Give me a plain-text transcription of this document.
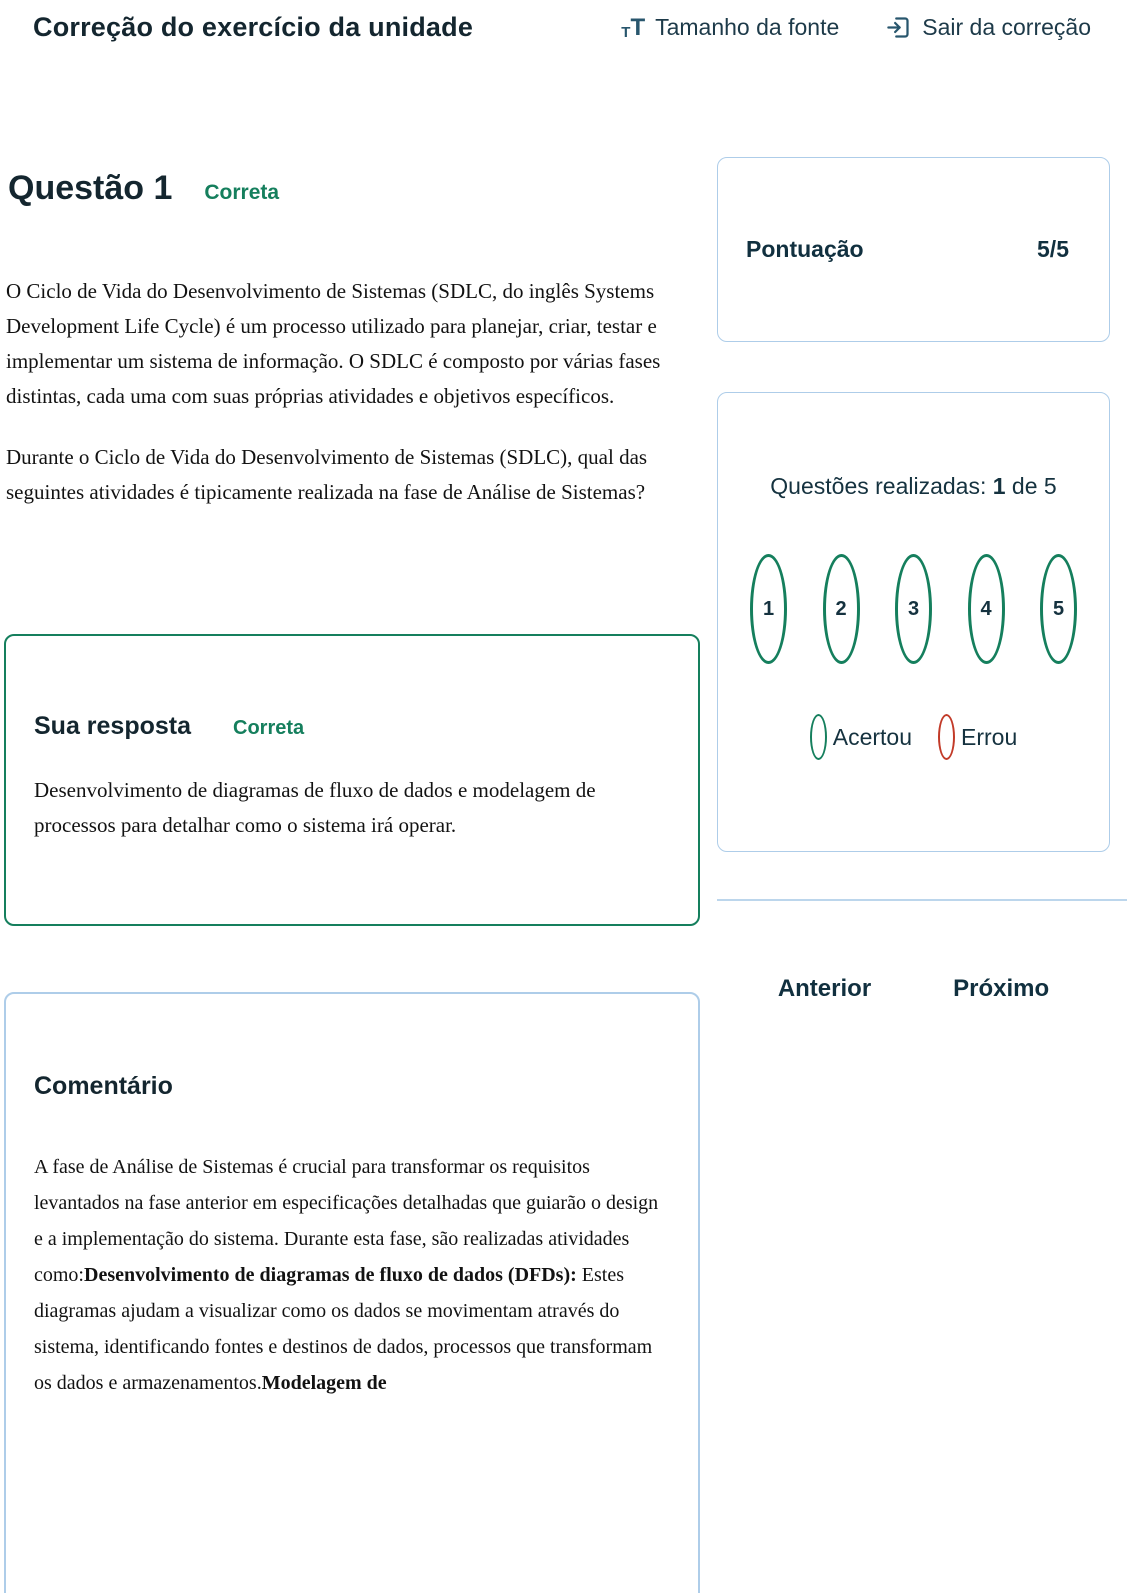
Correção do exercício da unidade	T T Tamanho da fonte	Sair da correção
Questão 1 Correta

O Ciclo de Vida do Desenvolvimento de Sistemas (SDLC, do inglês Systems Development Life Cycle) é um processo utilizado para planejar, criar, testar e implementar um sistema de informação. O SDLC é composto por várias fases distintas, cada uma com suas próprias atividades e objetivos específicos.

Durante o Ciclo de Vida do Desenvolvimento de Sistemas (SDLC), qual das seguintes atividades é tipicamente realizada na fase de Análise de Sistemas?

Sua resposta Correta

Desenvolvimento de diagramas de fluxo de dados e modelagem de processos para detalhar como o sistema irá operar.

Comentário

A fase de Análise de Sistemas é crucial para transformar os requisitos levantados na fase anterior em especificações detalhadas que guiarão o design e a implementação do sistema. Durante esta fase, são realizadas atividades como:Desenvolvimento de diagramas de fluxo de dados (DFDs): Estes diagramas ajudam a visualizar como os dados se movimentam através do sistema, identificando fontes e destinos de dados, processos que transformam os dados e armazenamentos.Modelagem de

Pontuação	5/5

Questões realizadas: 1 de 5

1	2	3	4	5
Acertou Errou
Anterior	Próximo
